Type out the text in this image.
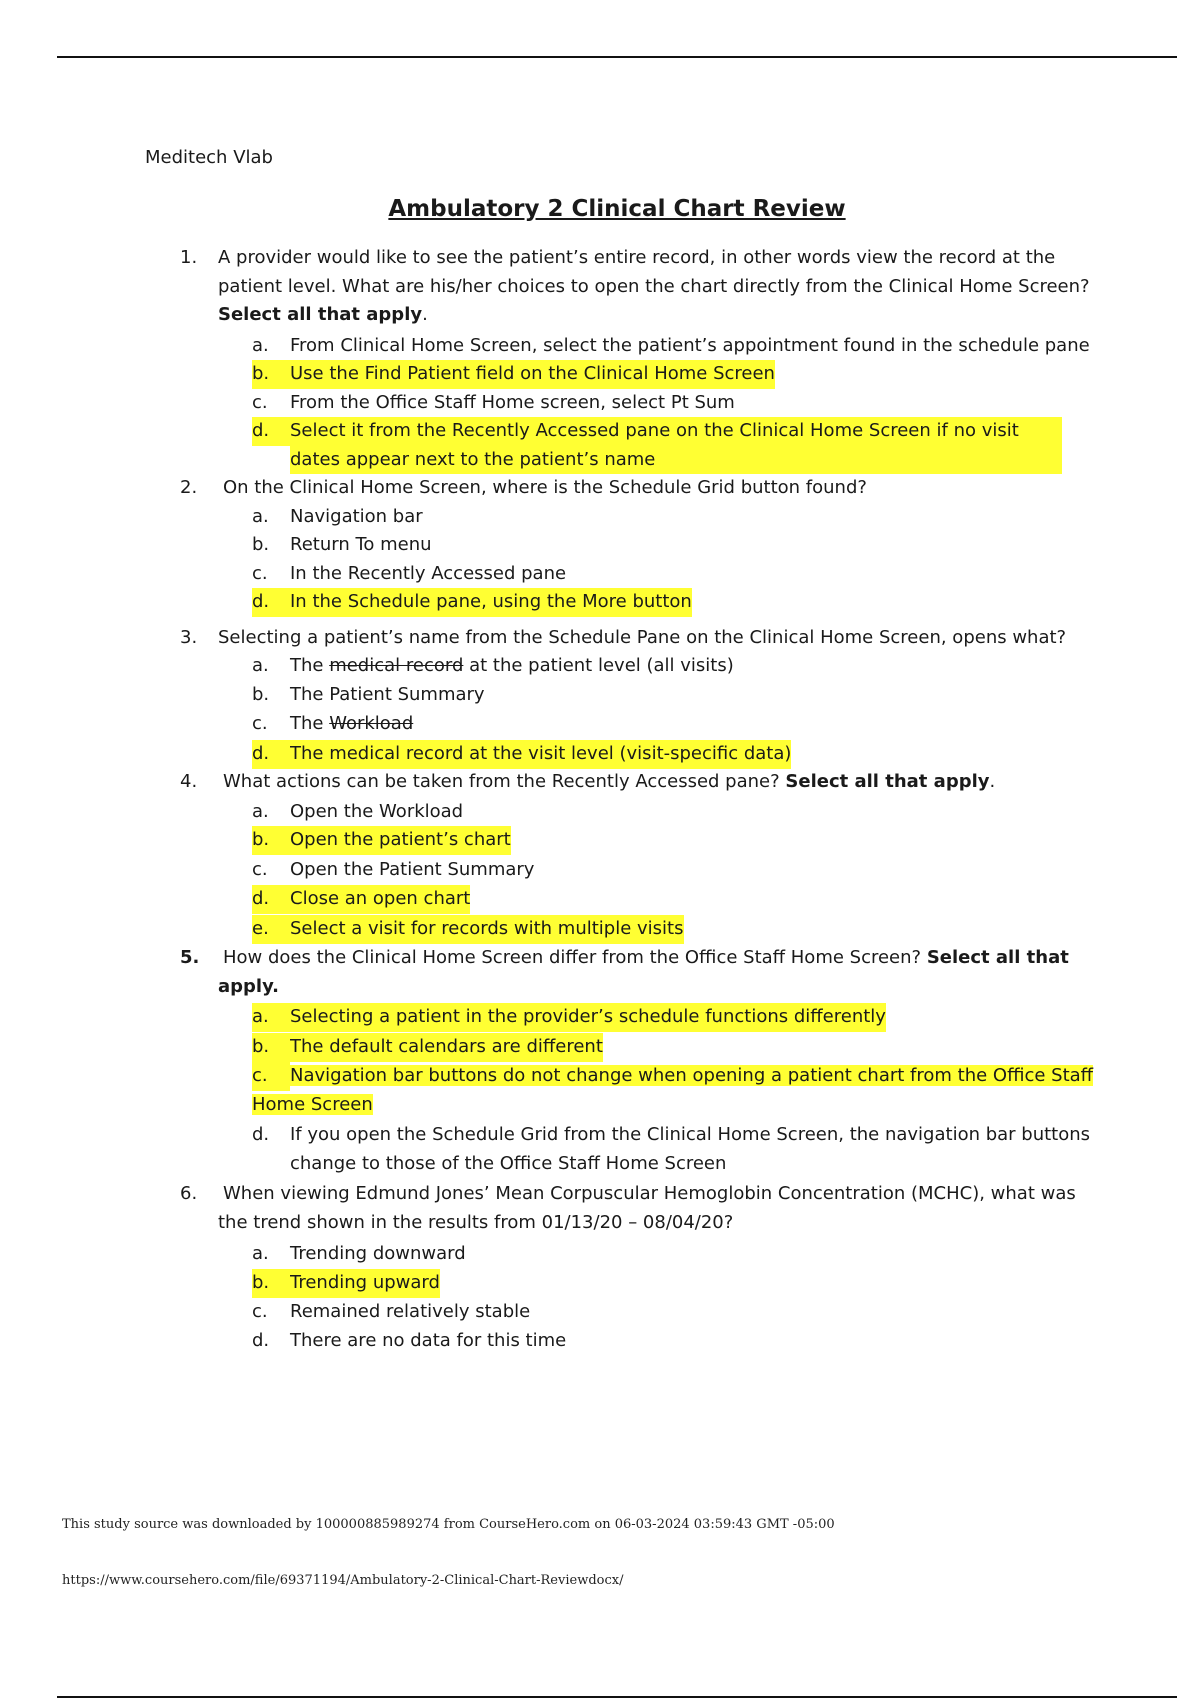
Meditech Vlab
Ambulatory 2 Clinical Chart Review
1. A provider would like to see the patient’s entire record, in other words view the record at the patient level. What are his/her choices to open the chart directly from the Clinical Home Screen? Select all that apply.
a.	From Clinical Home Screen, select the patient’s appointment found in the schedule pane
b.	Use the Find Patient field on the Clinical Home Screen
c.	From the Office Staff Home screen, select Pt Sum
d.	Select it from the Recently Accessed pane on the Clinical Home Screen if no visit dates appear next to the patient’s name
2. On the Clinical Home Screen, where is the Schedule Grid button found?
a.	Navigation bar
b.	Return To menu
c.	In the Recently Accessed pane
d.	In the Schedule pane, using the More button
3. Selecting a patient’s name from the Schedule Pane on the Clinical Home Screen, opens what?
a.	The medical record at the patient level (all visits)
b.	The Patient Summary
c.	The Workload
d.	The medical record at the visit level (visit-specific data)
4. What actions can be taken from the Recently Accessed pane? Select all that apply.
a.	Open the Workload
b.	Open the patient’s chart
c.	Open the Patient Summary
d.	Close an open chart
e.	Select a visit for records with multiple visits
5. How does the Clinical Home Screen differ from the Office Staff Home Screen? Select all that apply.
a.	Selecting a patient in the provider’s schedule functions differently
b.	The default calendars are different
c.	Navigation bar buttons do not change when opening a patient chart from the Office Staff Home Screen
d.	If you open the Schedule Grid from the Clinical Home Screen, the navigation bar buttons change to those of the Office Staff Home Screen
6. When viewing Edmund Jones’ Mean Corpuscular Hemoglobin Concentration (MCHC), what was the trend shown in the results from 01/13/20 – 08/04/20?
a.	Trending downward
b.	Trending upward
c.	Remained relatively stable
d.	There are no data for this time
This study source was downloaded by 100000885989274 from CourseHero.com on 06-03-2024 03:59:43 GMT -05:00
https://www.coursehero.com/file/69371194/Ambulatory-2-Clinical-Chart-Reviewdocx/
